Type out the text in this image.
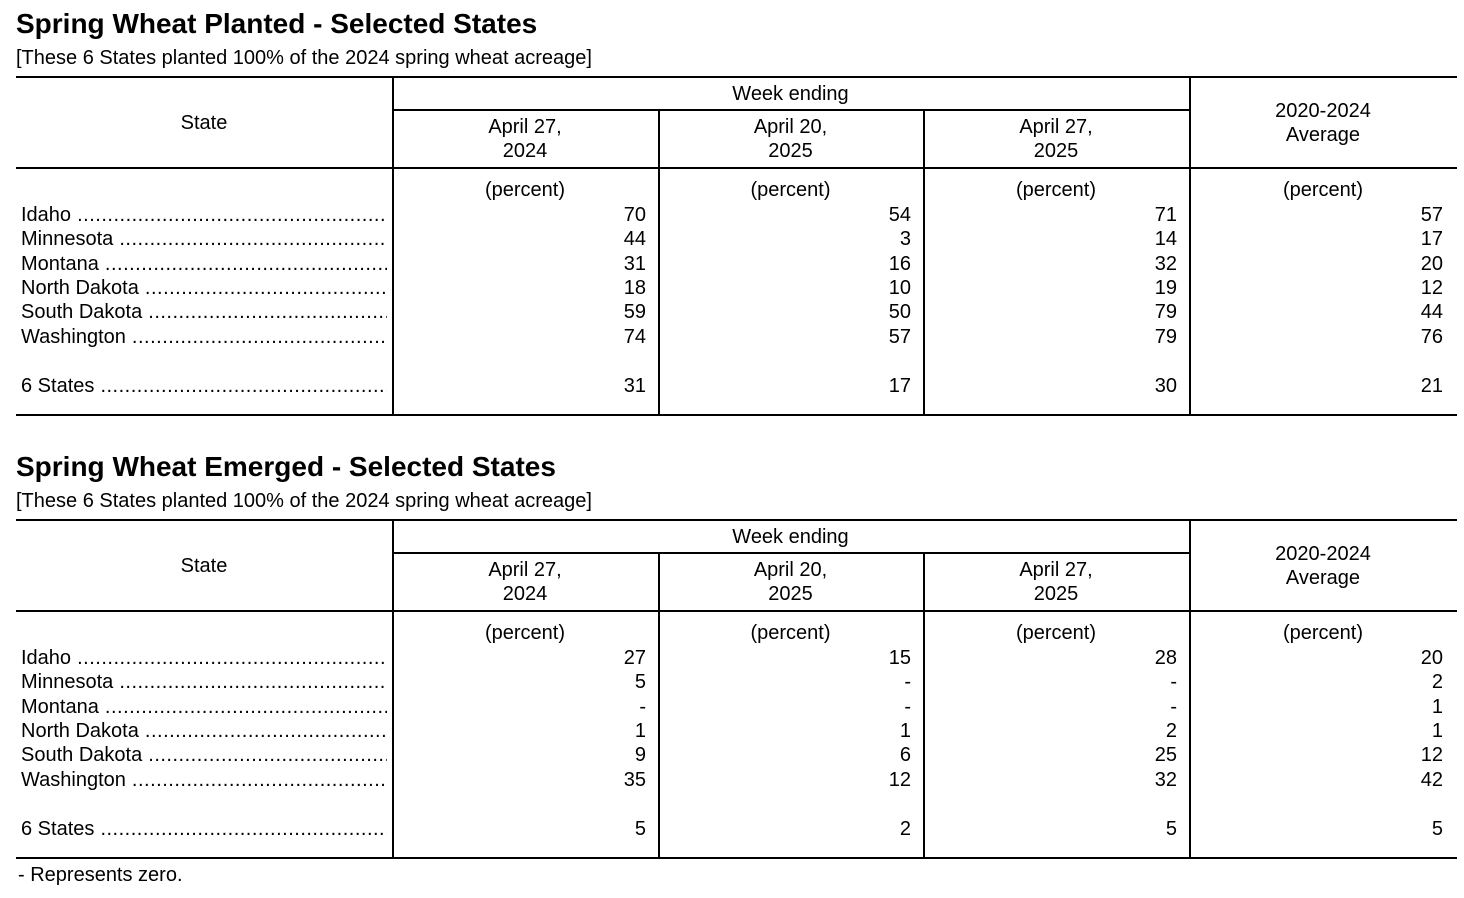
Spring Wheat Planted - Selected States
[These 6 States planted 100% of the 2024 spring wheat acreage]
State
Week ending
April 27,
2024
(percent)
April 20,
2025
(percent)
April 27,
2025
(percent)
2020-2024
Average
(percent)
Idaho .....	70	54	71	57
Minnesota .....	44	3	14	17
Montana .....	31	16	32	20
North Dakota .....	18	10	19	12
South Dakota .....	59	50	79	44
Washington .....	74	57	79	76
6 States .....	31	17	30	21
Spring Wheat Emerged - Selected States
[These 6 States planted 100% of the 2024 spring wheat acreage]
State
Week ending
April 27,
2024
(percent)
April 20,
2025
(percent)
April 27,
2025
(percent)
2020-2024
Average
(percent)
Idaho .....	27	15	28	20
Minnesota .....	5	-	-	2
Montana .....	-	-	-	1
North Dakota .....	1	1	2	1
South Dakota .....	9	6	25	12
Washington .....	35	12	32	42
6 States .....	5	2	5	5
- Represents zero.
